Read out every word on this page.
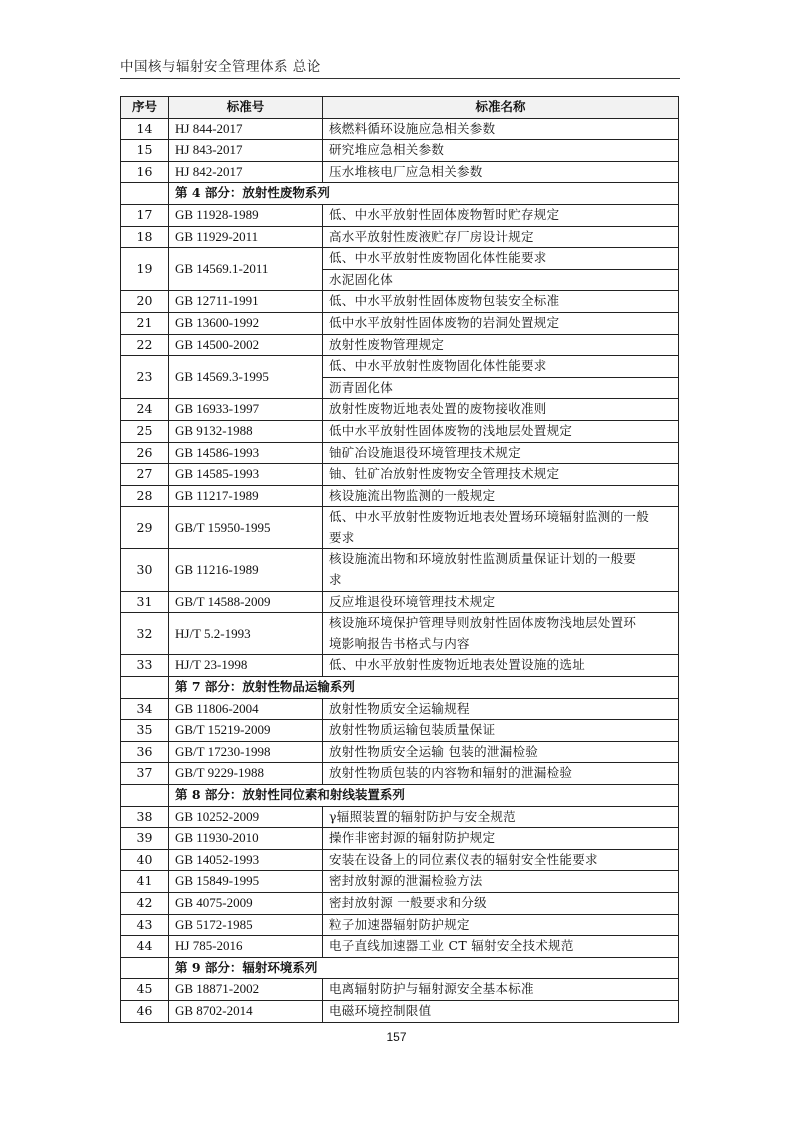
中国核与辐射安全管理体系 总论
序号	标准号	标准名称
14	HJ 844-2017	核燃料循环设施应急相关参数
15	HJ 843-2017	研究堆应急相关参数
16	HJ 842-2017	压水堆核电厂应急相关参数
	第 4 部分：放射性废物系列	
17	GB 11928-1989	低、中水平放射性固体废物暂时贮存规定
18	GB 11929-2011	高水平放射性废液贮存厂房设计规定
19	GB 14569.1-2011	低、中水平放射性废物固化体性能要求
		水泥固化体
20	GB 12711-1991	低、中水平放射性固体废物包装安全标准
21	GB 13600-1992	低中水平放射性固体废物的岩洞处置规定
22	GB 14500-2002	放射性废物管理规定
23	GB 14569.3-1995	低、中水平放射性废物固化体性能要求
		沥青固化体
24	GB 16933-1997	放射性废物近地表处置的废物接收准则
25	GB 9132-1988	低中水平放射性固体废物的浅地层处置规定
26	GB 14586-1993	铀矿冶设施退役环境管理技术规定
27	GB 14585-1993	铀、钍矿冶放射性废物安全管理技术规定
28	GB 11217-1989	核设施流出物监测的一般规定
29	GB/T 15950-1995	低、中水平放射性废物近地表处置场环境辐射监测的一般
要求

30	GB 11216-1989	核设施流出物和环境放射性监测质量保证计划的一般要
求

31	GB/T 14588-2009	反应堆退役环境管理技术规定
32	HJ/T 5.2-1993	核设施环境保护管理导则放射性固体废物浅地层处置环
境影响报告书格式与内容

33	HJ/T 23-1998	低、中水平放射性废物近地表处置设施的选址
	第 7 部分：放射性物品运输系列	
34	GB 11806-2004	放射性物质安全运输规程
35	GB/T 15219-2009	放射性物质运输包装质量保证
36	GB/T 17230-1998	放射性物质安全运输 包装的泄漏检验
37	GB/T 9229-1988	放射性物质包装的内容物和辐射的泄漏检验
	第 8 部分：放射性同位素和射线装置系列	
38	GB 10252-2009	γ辐照装置的辐射防护与安全规范
39	GB 11930-2010	操作非密封源的辐射防护规定
40	GB 14052-1993	安装在设备上的同位素仪表的辐射安全性能要求
41	GB 15849-1995	密封放射源的泄漏检验方法
42	GB 4075-2009	密封放射源 一般要求和分级
43	GB 5172-1985	粒子加速器辐射防护规定
44	HJ 785-2016	电子直线加速器工业 CT 辐射安全技术规范
	第 9 部分：辐射环境系列	
45	GB 18871-2002	电离辐射防护与辐射源安全基本标准
46	GB 8702-2014	电磁环境控制限值
157
